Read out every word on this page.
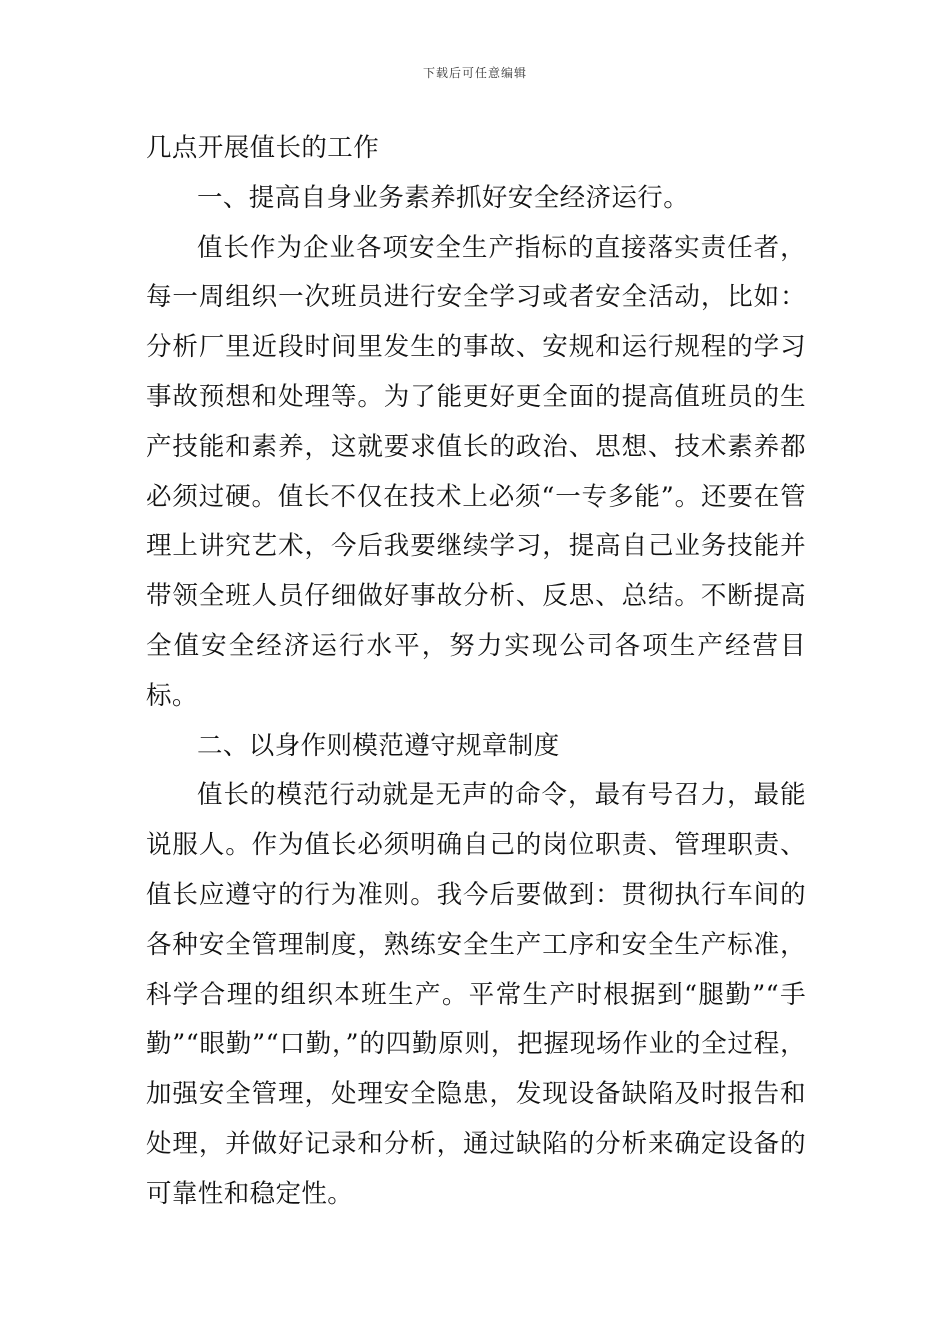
下载后可任意编辑

几点开展值长的工作

一、提高自身业务素养抓好安全经济运行。

值长作为企业各项安全生产指标的直接落实责任者，每一周组织一次班员进行安全学习或者安全活动，比如：分析厂里近段时间里发生的事故、安规和运行规程的学习事故预想和处理等。为了能更好更全面的提高值班员的生产技能和素养，这就要求值长的政治、思想、技术素养都必须过硬。值长不仅在技术上必须“一专多能”。还要在管理上讲究艺术，今后我要继续学习，提高自己业务技能并带领全班人员仔细做好事故分析、反思、总结。不断提高全值安全经济运行水平，努力实现公司各项生产经营目标。

二、以身作则模范遵守规章制度

值长的模范行动就是无声的命令，最有号召力，最能说服人。作为值长必须明确自己的岗位职责、管理职责、值长应遵守的行为准则。我今后要做到：贯彻执行车间的各种安全管理制度，熟练安全生产工序和安全生产标准，科学合理的组织本班生产。平常生产时根据到“腿勤”“手勤”“眼勤”“口勤，”的四勤原则，把握现场作业的全过程，加强安全管理，处理安全隐患，发现设备缺陷及时报告和处理，并做好记录和分析，通过缺陷的分析来确定设备的可靠性和稳定性。
